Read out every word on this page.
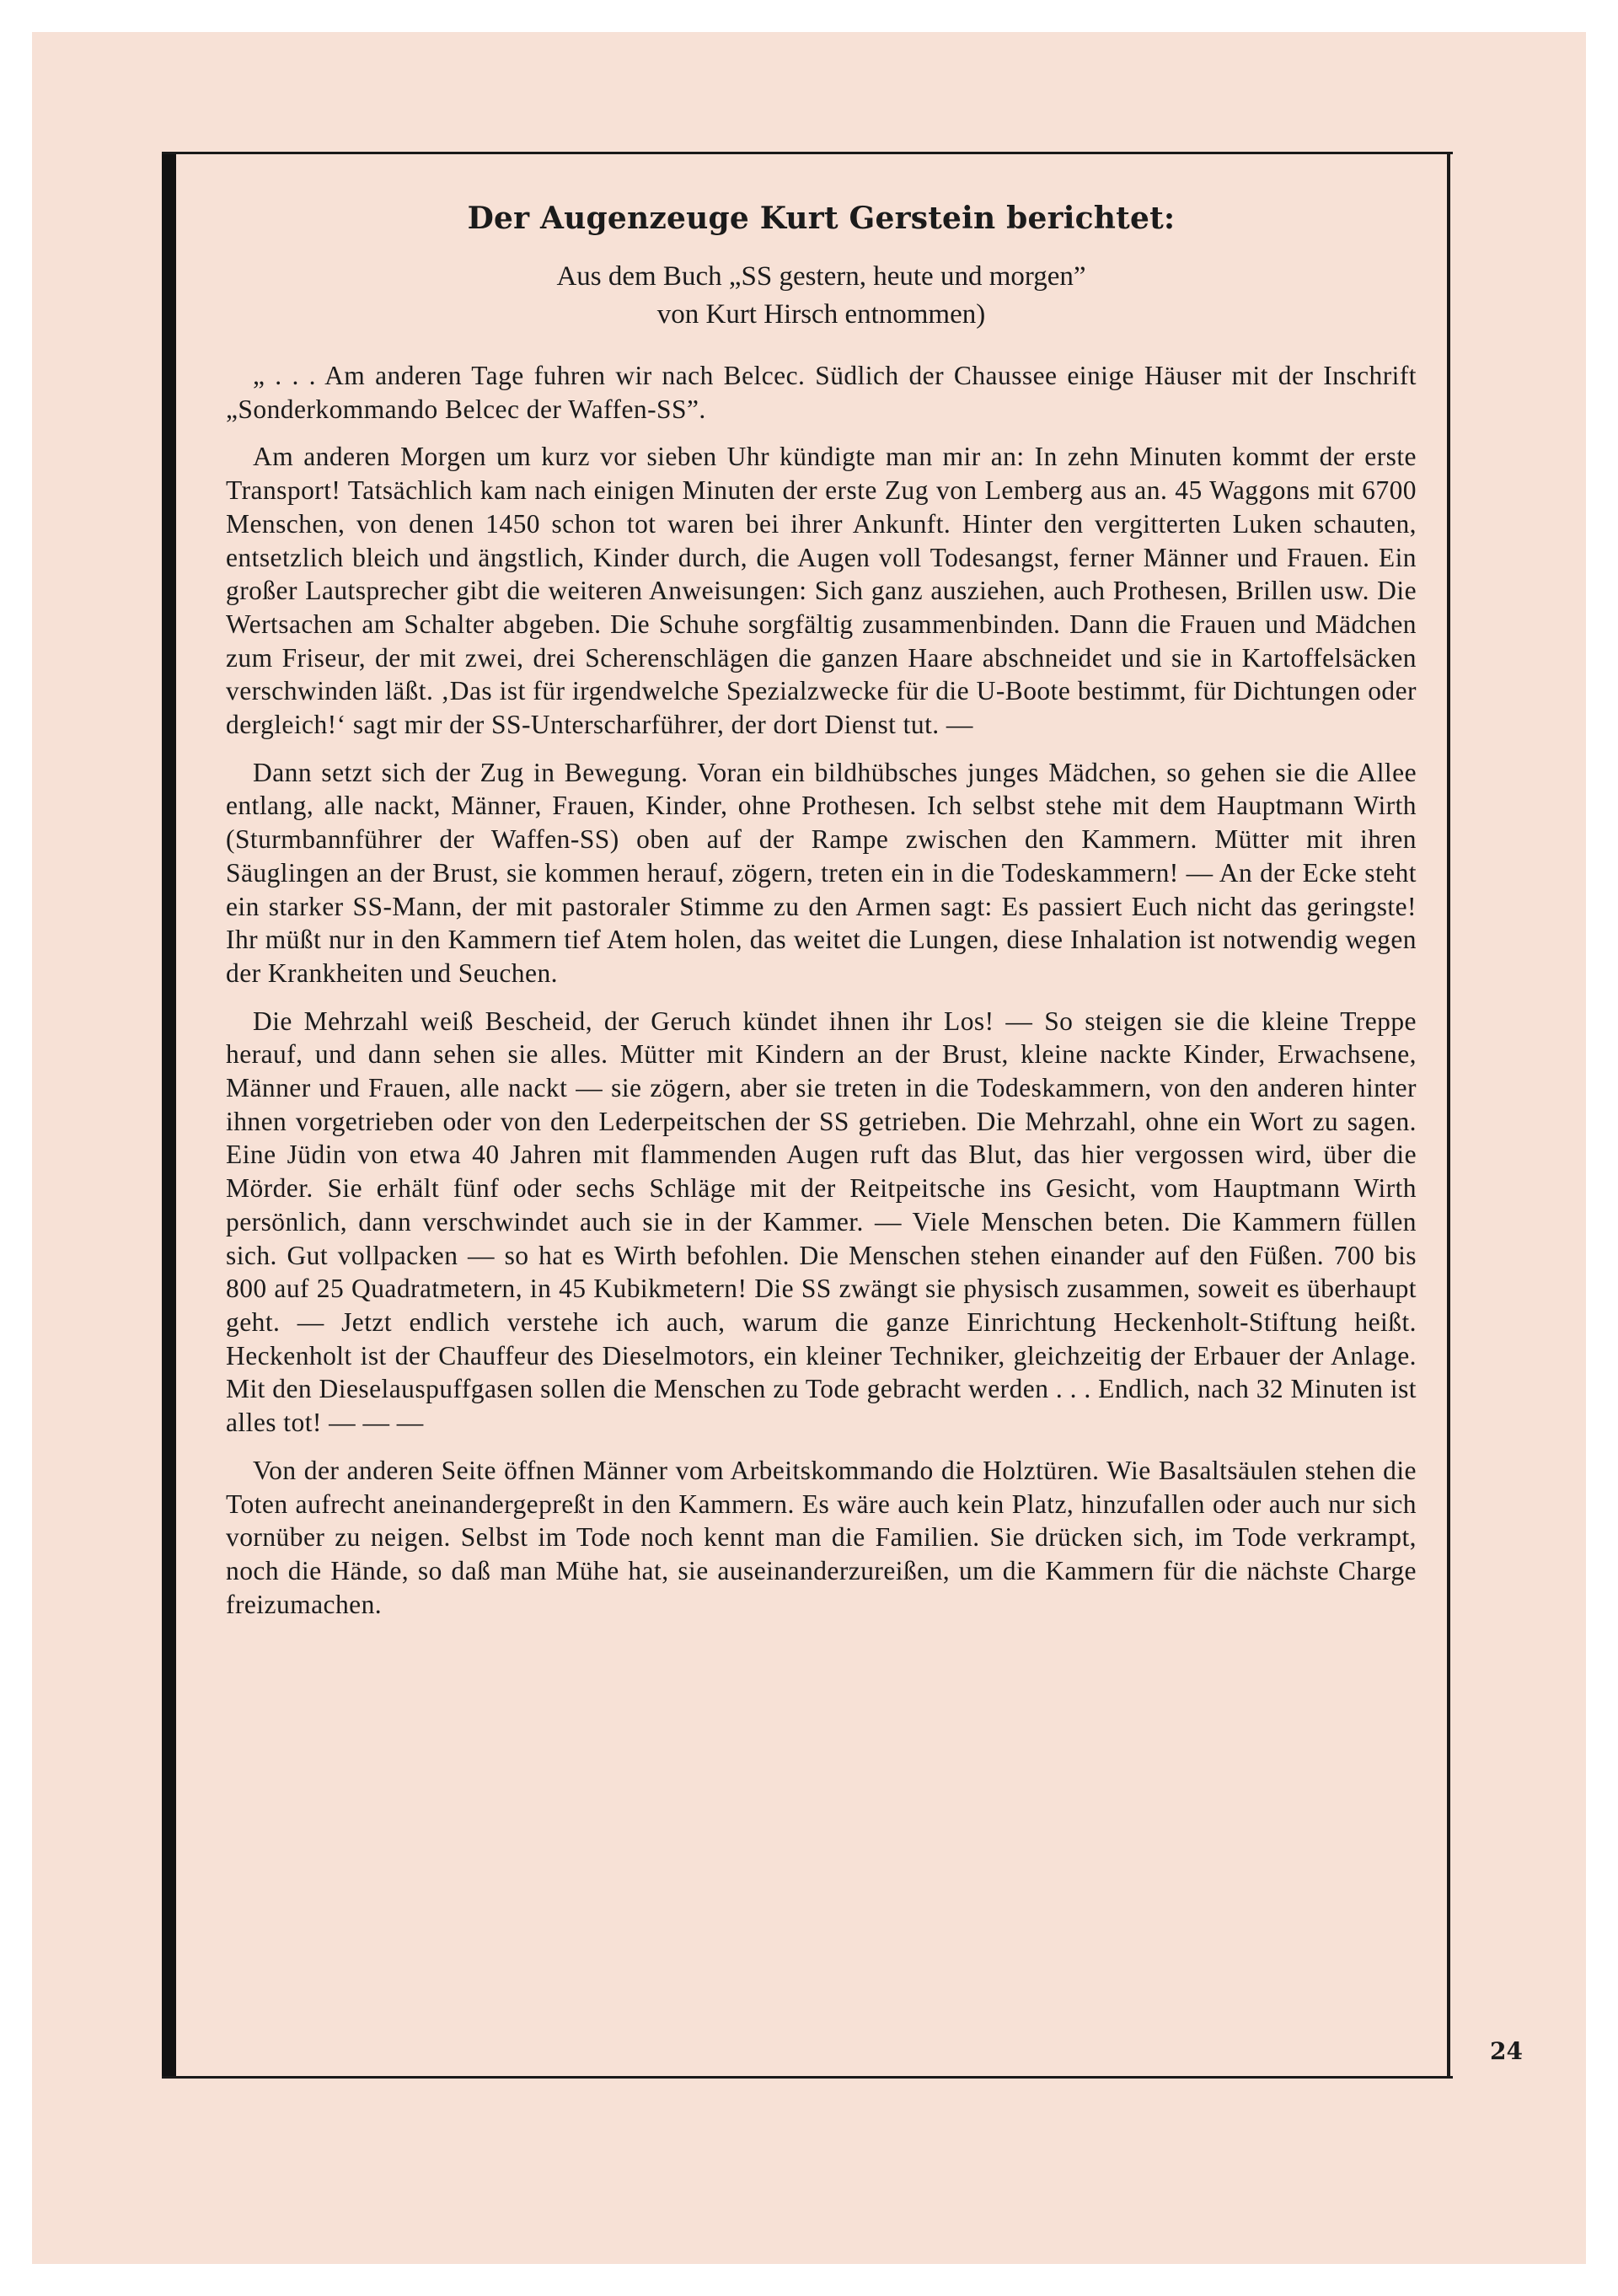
Der Augenzeuge Kurt Gerstein berichtet:
Aus dem Buch „SS gestern, heute und morgen”
von Kurt Hirsch entnommen)

„ . . . Am anderen Tage fuhren wir nach Belcec. Südlich der Chaussee einige Häuser mit der Inschrift „Sonderkommando Belcec der Waffen-SS”.

Am anderen Morgen um kurz vor sieben Uhr kündigte man mir an: In zehn Minuten kommt der erste Transport! Tatsächlich kam nach einigen Minuten der erste Zug von Lemberg aus an. 45 Waggons mit 6700 Menschen, von denen 1450 schon tot waren bei ihrer Ankunft. Hinter den vergitterten Luken schauten, entsetzlich bleich und ängstlich, Kinder durch, die Augen voll Todesangst, ferner Männer und Frauen. Ein großer Lautsprecher gibt die weiteren Anweisungen: Sich ganz ausziehen, auch Prothesen, Brillen usw. Die Wertsachen am Schalter abgeben. Die Schuhe sorgfältig zusammenbinden. Dann die Frauen und Mädchen zum Friseur, der mit zwei, drei Scherenschlägen die ganzen Haare abschneidet und sie in Kartoffelsäcken verschwinden läßt. ‚Das ist für irgendwelche Spezialzwecke für die U-Boote bestimmt, für Dichtungen oder dergleich!‘ sagt mir der SS-Unterscharführer, der dort Dienst tut. —

Dann setzt sich der Zug in Bewegung. Voran ein bildhübsches junges Mädchen, so gehen sie die Allee entlang, alle nackt, Männer, Frauen, Kinder, ohne Prothesen. Ich selbst stehe mit dem Hauptmann Wirth (Sturmbannführer der Waffen-SS) oben auf der Rampe zwischen den Kammern. Mütter mit ihren Säuglingen an der Brust, sie kommen herauf, zögern, treten ein in die Todeskammern! — An der Ecke steht ein starker SS-Mann, der mit pastoraler Stimme zu den Armen sagt: Es passiert Euch nicht das geringste! Ihr müßt nur in den Kammern tief Atem holen, das weitet die Lungen, diese Inhalation ist notwendig wegen der Krankheiten und Seuchen.

Die Mehrzahl weiß Bescheid, der Geruch kündet ihnen ihr Los! — So steigen sie die kleine Treppe herauf, und dann sehen sie alles. Mütter mit Kindern an der Brust, kleine nackte Kinder, Erwachsene, Männer und Frauen, alle nackt — sie zögern, aber sie treten in die Todeskammern, von den anderen hinter ihnen vorgetrieben oder von den Lederpeitschen der SS getrieben. Die Mehrzahl, ohne ein Wort zu sagen. Eine Jüdin von etwa 40 Jahren mit flammenden Augen ruft das Blut, das hier vergossen wird, über die Mörder. Sie erhält fünf oder sechs Schläge mit der Reitpeitsche ins Gesicht, vom Hauptmann Wirth persönlich, dann verschwindet auch sie in der Kammer. — Viele Menschen beten. Die Kammern füllen sich. Gut vollpacken — so hat es Wirth befohlen. Die Menschen stehen einander auf den Füßen. 700 bis 800 auf 25 Quadratmetern, in 45 Kubikmetern! Die SS zwängt sie physisch zusammen, soweit es überhaupt geht. — Jetzt endlich verstehe ich auch, warum die ganze Einrichtung Heckenholt-Stiftung heißt. Heckenholt ist der Chauffeur des Dieselmotors, ein kleiner Techniker, gleichzeitig der Erbauer der Anlage. Mit den Dieselauspuffgasen sollen die Menschen zu Tode gebracht werden . . . Endlich, nach 32 Minuten ist alles tot! — — —

Von der anderen Seite öffnen Männer vom Arbeitskommando die Holztüren. Wie Basaltsäulen stehen die Toten aufrecht aneinandergepreßt in den Kammern. Es wäre auch kein Platz, hinzufallen oder auch nur sich vornüber zu neigen. Selbst im Tode noch kennt man die Familien. Sie drücken sich, im Tode verkrampt, noch die Hände, so daß man Mühe hat, sie auseinanderzureißen, um die Kammern für die nächste Charge freizumachen.

24
